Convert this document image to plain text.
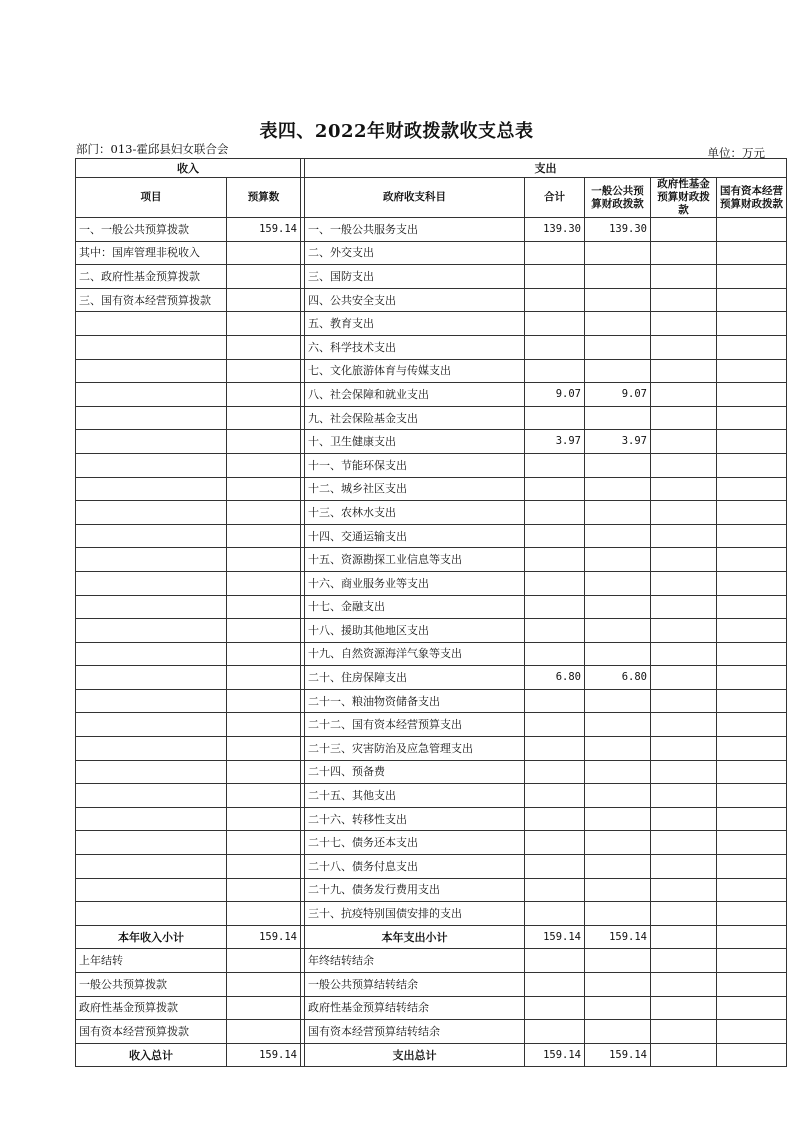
表四、2022年财政拨款收支总表
部门：013-霍邱县妇女联合会	单位：万元
收入			支出				
项目	预算数		政府收支科目	合计	一般公共预算财政拨款	政府性基金预算财政拨款	国有资本经营预算财政拨款
一、一般公共预算拨款	159.14		一、一般公共服务支出	139.30	139.30		
其中：国库管理非税收入			二、外交支出				
二、政府性基金预算拨款			三、国防支出				
三、国有资本经营预算拨款			四、公共安全支出				
			五、教育支出				
			六、科学技术支出				
			七、文化旅游体育与传媒支出				
			八、社会保障和就业支出	9.07	9.07		
			九、社会保险基金支出				
			十、卫生健康支出	3.97	3.97		
			十一、节能环保支出				
			十二、城乡社区支出				
			十三、农林水支出				
			十四、交通运输支出				
			十五、资源勘探工业信息等支出				
			十六、商业服务业等支出				
			十七、金融支出				
			十八、援助其他地区支出				
			十九、自然资源海洋气象等支出				
			二十、住房保障支出	6.80	6.80		
			二十一、粮油物资储备支出				
			二十二、国有资本经营预算支出				
			二十三、灾害防治及应急管理支出				
			二十四、预备费				
			二十五、其他支出				
			二十六、转移性支出				
			二十七、债务还本支出				
			二十八、债务付息支出				
			二十九、债务发行费用支出				
			三十、抗疫特别国债安排的支出				
本年收入小计	159.14		本年支出小计	159.14	159.14		
上年结转			年终结转结余				
一般公共预算拨款			一般公共预算结转结余				
政府性基金预算拨款			政府性基金预算结转结余				
国有资本经营预算拨款			国有资本经营预算结转结余				
收入总计	159.14		支出总计	159.14	159.14		
